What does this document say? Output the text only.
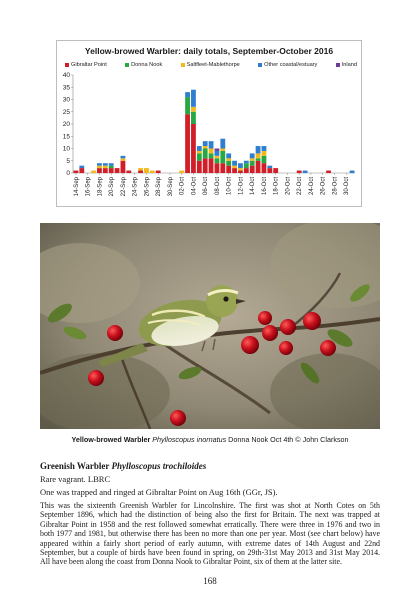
Yellow-browed Warbler: daily totals, September-October 2016
Gibraltar Point	Donna Nook	Saltfleet-Mablethorpe	Other coastal/estuary	Inland
0
5
10
15
20
25
30
35
40
14-Sep 16-Sep 18-Sep 20-Sep 22-Sep 24-Sep 26-Sep 28-Sep 30-Sep 02-Oct 04-Oct 06-Oct 08-Oct 10-Oct 12-Oct 14-Oct 16-Oct 18-Oct 20-Oct 22-Oct 24-Oct 26-Oct 28-Oct 30-Oct
Yellow-browed Warbler Phylloscopus inornatus Donna Nook Oct 4th © John Clarkson
Greenish Warbler Phylloscopus trochiloides
Rare vagrant. LBRC
One was trapped and ringed at Gibraltar Point on Aug 16th (GGr, JS).

This was the sixteenth Greenish Warbler for Lincolnshire. The first was shot at North Cotes on 5th September 1896, which had the distinction of being also the first for Britain. The next was trapped at Gibraltar Point in 1958 and the rest followed somewhat erratically. There were three in 1976 and two in both 1977 and 1981, but otherwise there has been no more than one per year. Most (see chart below) have appeared within a fairly short period of early autumn, with extreme dates of 14th August and 22nd September, but a couple of birds have been found in spring, on 29th-31st May 2013 and 31st May 2014. All have been along the coast from Donna Nook to Gibraltar Point, six of them at the latter site.

168
